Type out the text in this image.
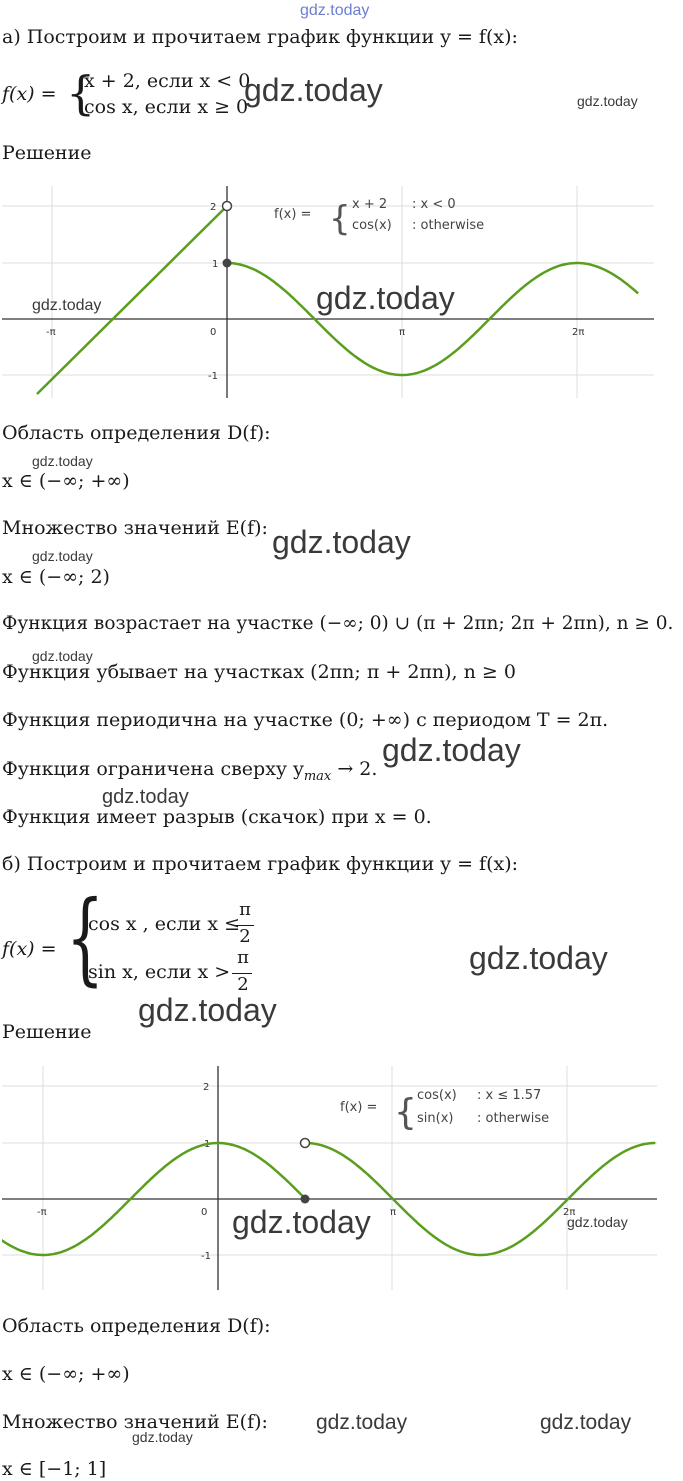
gdz.today
а) Построим и прочитаем график функции y = f(x):
f(x) = {
x + 2, если x < 0
cos x, если x ≥ 0
gdz.today	gdz.today
Решение
-π	0	π	2π
2
1
-1
f(x) = { x + 2 : x < 0
cos(x) : otherwise
gdz.today	gdz.today
Область определения D(f):
gdz.today
x ∈ (−∞; +∞)
Множество значений E(f): gdz.today
gdz.today
x ∈ (−∞; 2)
Функция возрастает на участке (−∞; 0) ∪ (π + 2πn; 2π + 2πn), n ≥ 0.
gdz.today
Функция убывает на участках (2πn; π + 2πn), n ≥ 0
Функция периодична на участке (0; +∞) с периодом T = 2π.
gdz.today
Функция ограничена сверху $y_{max} \to 2$.
gdz.today
Функция имеет разрыв (скачок) при x = 0.
б) Построим и прочитаем график функции y = f(x):
f(x) = {
cos x , если x ≤
sin x, если x >
π
2
π
2
gdz.today
gdz.today
Решение
-π	0	π	2π
2
1
-1
f(x) = { cos(x) : x ≤ 1.57
sin(x) : otherwise
gdz.today	gdz.today
Область определения D(f):
x ∈ (−∞; +∞)
Множество значений E(f): gdz.today	gdz.today
gdz.today
x ∈ [−1; 1]
